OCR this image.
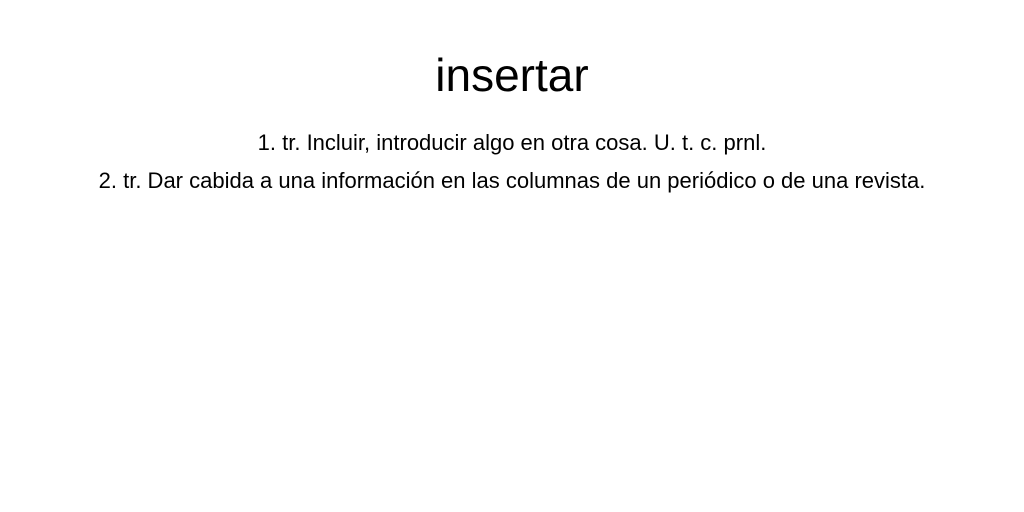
insertar

1. tr. Incluir, introducir algo en otra cosa. U. t. c. prnl.

2. tr. Dar cabida a una información en las columnas de un periódico o de una revista.
